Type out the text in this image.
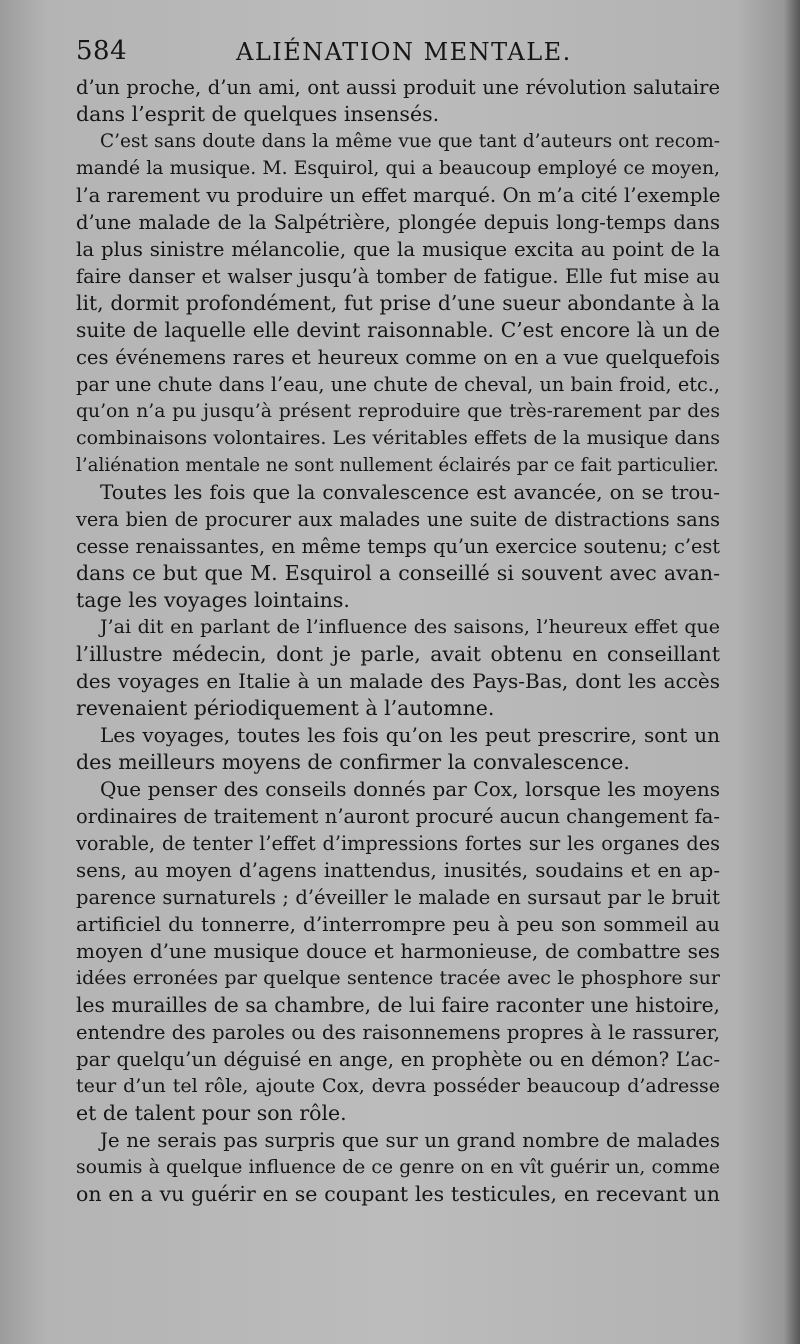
584	ALIÉNATION MENTALE.
d’un proche, d’un ami, ont aussi produit une révolution salutaire
dans l’esprit de quelques insensés.
C’est sans doute dans la même vue que tant d’auteurs ont recom-
mandé la musique. M. Esquirol, qui a beaucoup employé ce moyen,
l’a rarement vu produire un effet marqué. On m’a cité l’exemple
d’une malade de la Salpétrière, plongée depuis long-temps dans
la plus sinistre mélancolie, que la musique excita au point de la
faire danser et walser jusqu’à tomber de fatigue. Elle fut mise au
lit, dormit profondément, fut prise d’une sueur abondante à la
suite de laquelle elle devint raisonnable. C’est encore là un de
ces événemens rares et heureux comme on en a vue quelquefois
par une chute dans l’eau, une chute de cheval, un bain froid, etc.,
qu’on n’a pu jusqu’à présent reproduire que très-rarement par des
combinaisons volontaires. Les véritables effets de la musique dans
l’aliénation mentale ne sont nullement éclairés par ce fait particulier.
Toutes les fois que la convalescence est avancée, on se trou-
vera bien de procurer aux malades une suite de distractions sans
cesse renaissantes, en même temps qu’un exercice soutenu; c’est
dans ce but que M. Esquirol a conseillé si souvent avec avan-
tage les voyages lointains.
J’ai dit en parlant de l’influence des saisons, l’heureux effet que
l’illustre médecin, dont je parle, avait obtenu en conseillant
des voyages en Italie à un malade des Pays-Bas, dont les accès
revenaient périodiquement à l’automne.
Les voyages, toutes les fois qu’on les peut prescrire, sont un
des meilleurs moyens de confirmer la convalescence.
Que penser des conseils donnés par Cox, lorsque les moyens
ordinaires de traitement n’auront procuré aucun changement fa-
vorable, de tenter l’effet d’impressions fortes sur les organes des
sens, au moyen d’agens inattendus, inusités, soudains et en ap-
parence surnaturels ; d’éveiller le malade en sursaut par le bruit
artificiel du tonnerre, d’interrompre peu à peu son sommeil au
moyen d’une musique douce et harmonieuse, de combattre ses
idées erronées par quelque sentence tracée avec le phosphore sur
les murailles de sa chambre, de lui faire raconter une histoire,
entendre des paroles ou des raisonnemens propres à le rassurer,
par quelqu’un déguisé en ange, en prophète ou en démon? L’ac-
teur d’un tel rôle, ajoute Cox, devra posséder beaucoup d’adresse
et de talent pour son rôle.
Je ne serais pas surpris que sur un grand nombre de malades
soumis à quelque influence de ce genre on en vît guérir un, comme
on en a vu guérir en se coupant les testicules, en recevant un
